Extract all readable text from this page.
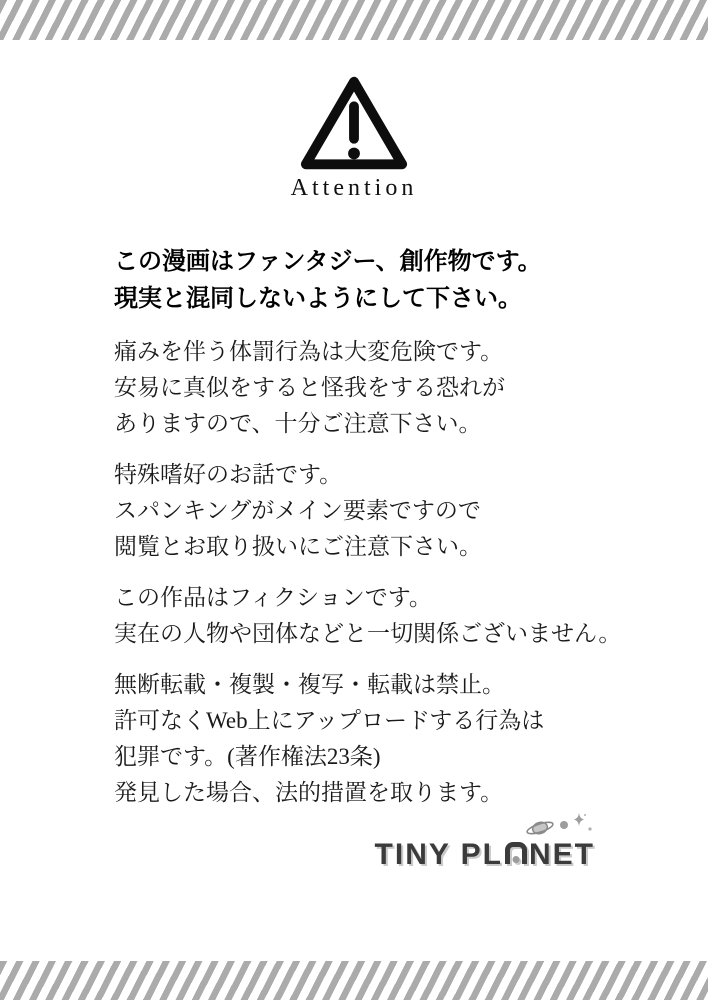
Attention

この漫画はファンタジー、創作物です。
現実と混同しないようにして下さい。

痛みを伴う体罰行為は大変危険です。
安易に真似をすると怪我をする恐れが
ありますので、十分ご注意下さい。

特殊嗜好のお話です。
スパンキングがメイン要素ですので
閲覧とお取り扱いにご注意下さい。

この作品はフィクションです。
実在の人物や団体などと一切関係ございません。

無断転載・複製・複写・転載は禁止。
許可なくWeb上にアップロードする行為は
犯罪です。(著作権法23条)
発見した場合、法的措置を取ります。

TINY PL NET
